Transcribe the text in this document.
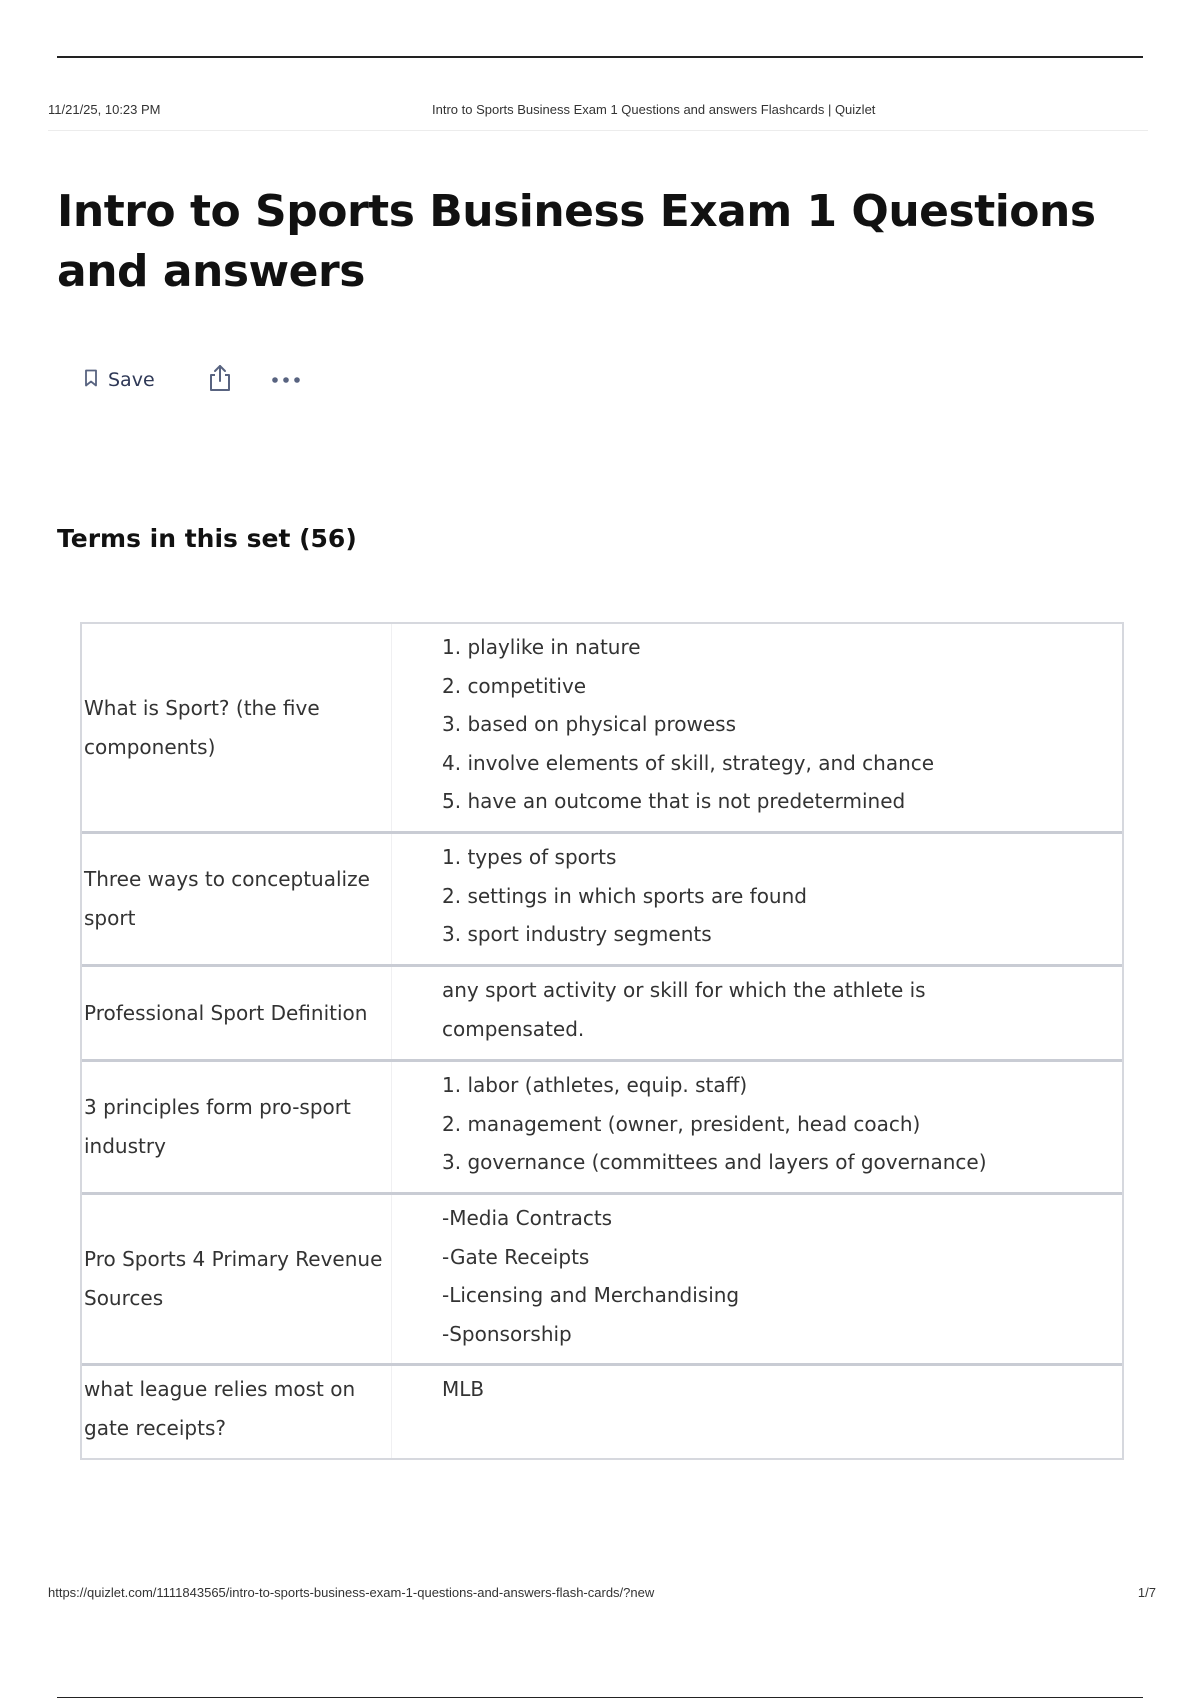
11/21/25, 10:23 PM	Intro to Sports Business Exam 1 Questions and answers Flashcards | Quizlet
Intro to Sports Business Exam 1 Questions and answers
Save
Terms in this set (56)
What is Sport? (the five components)
1. playlike in nature
2. competitive
3. based on physical prowess
4. involve elements of skill, strategy, and chance
5. have an outcome that is not predetermined
Three ways to conceptualize sport
1. types of sports
2. settings in which sports are found
3. sport industry segments
Professional Sport Definition
any sport activity or skill for which the athlete is
compensated.
3 principles form pro-sport industry
1. labor (athletes, equip. staff)
2. management (owner, president, head coach)
3. governance (committees and layers of governance)
Pro Sports 4 Primary Revenue Sources
-Media Contracts
-Gate Receipts
-Licensing and Merchandising
-Sponsorship
what league relies most on gate receipts?
MLB
https://quizlet.com/1111843565/intro-to-sports-business-exam-1-questions-and-answers-flash-cards/?new	1/7
